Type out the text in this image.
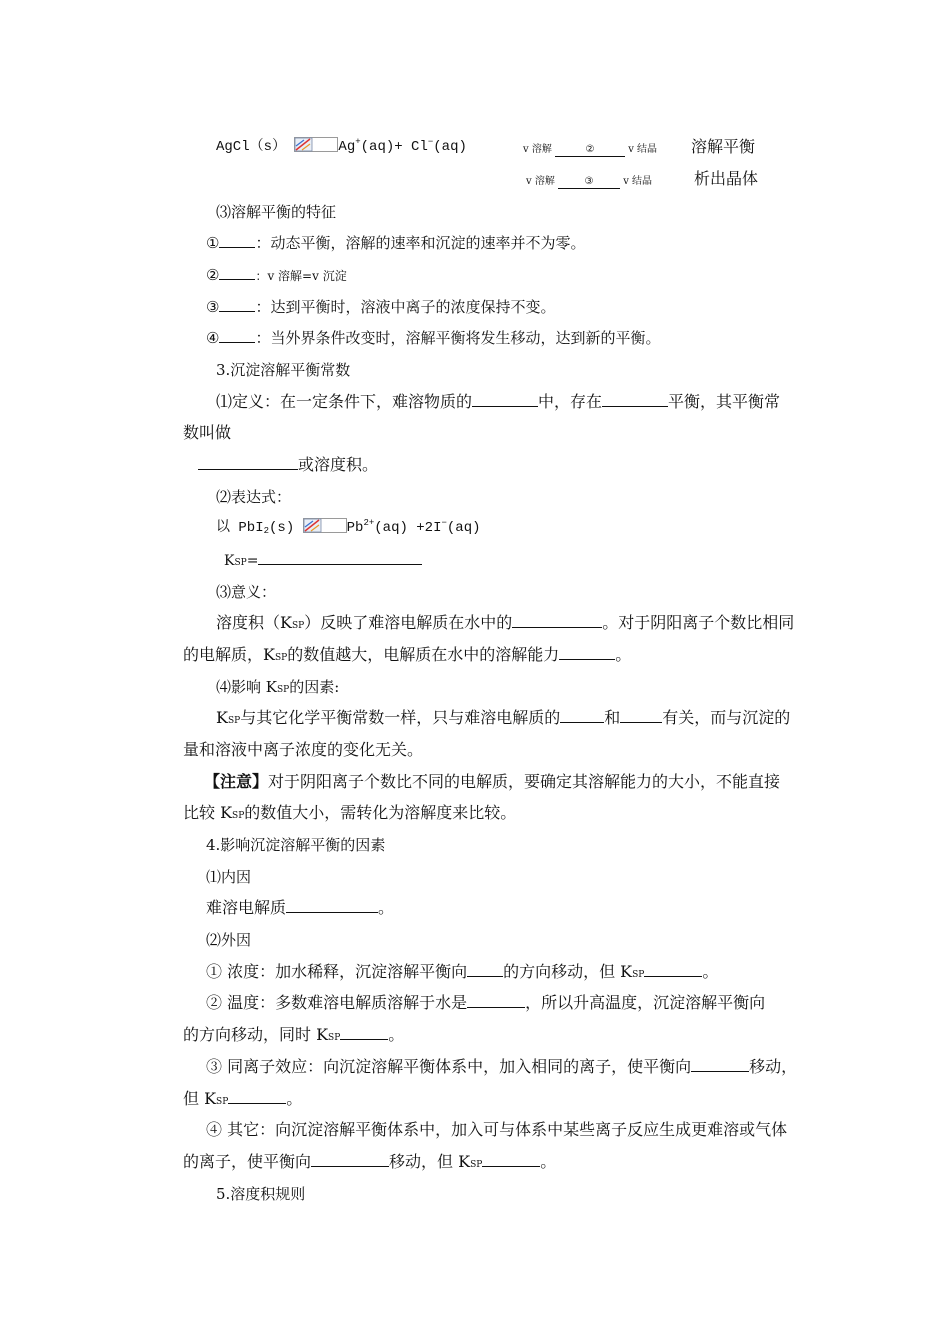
AgCl（s）	Ag+(aq)+ Cl−(aq)	v 溶解	②	v 结晶 溶解平衡
v 溶解	③	v 结晶	析出晶体
⑶溶解平衡的特征
① ：动态平衡，溶解的速率和沉淀的速率并不为零。
②	：v 溶解=v 沉淀
③ ：达到平衡时，溶液中离子的浓度保持不变。
④ ：当外界条件改变时，溶解平衡将发生移动，达到新的平衡。
3.沉淀溶解平衡常数
⑴定义：在一定条件下，难溶物质的	中，存在	平衡，其平衡常
数叫做
或溶度积。
⑵表达式：
以 PbI$_2$(s)	$Pb^{2+}(aq) +2I^-(aq)$
KSP=
⑶意义：
溶度积（KSP）反映了难溶电解质在水中的	。对于阴阳离子个数比相同
的电解质，KSP的数值越大，电解质在水中的溶解能力	。
⑷影响 KSP的因素:
KSP与其它化学平衡常数一样，只与难溶电解质的	和	有关，而与沉淀的
量和溶液中离子浓度的变化无关。
【注意】对于阴阳离子个数比不同的电解质，要确定其溶解能力的大小，不能直接
比较 KSP的数值大小，需转化为溶解度来比较。
4.影响沉淀溶解平衡的因素
⑴内因
难溶电解质	。
⑵外因
① 浓度：加水稀释，沉淀溶解平衡向 的方向移动，但 KSP	。
② 温度：多数难溶电解质溶解于水是	，所以升高温度，沉淀溶解平衡向
的方向移动，同时 KSP	。
③ 同离子效应：向沉淀溶解平衡体系中，加入相同的离子，使平衡向	移动，
但 KSP	。
④ 其它：向沉淀溶解平衡体系中，加入可与体系中某些离子反应生成更难溶或气体
的离子，使平衡向	移动，但 KSP	。
5.溶度积规则
